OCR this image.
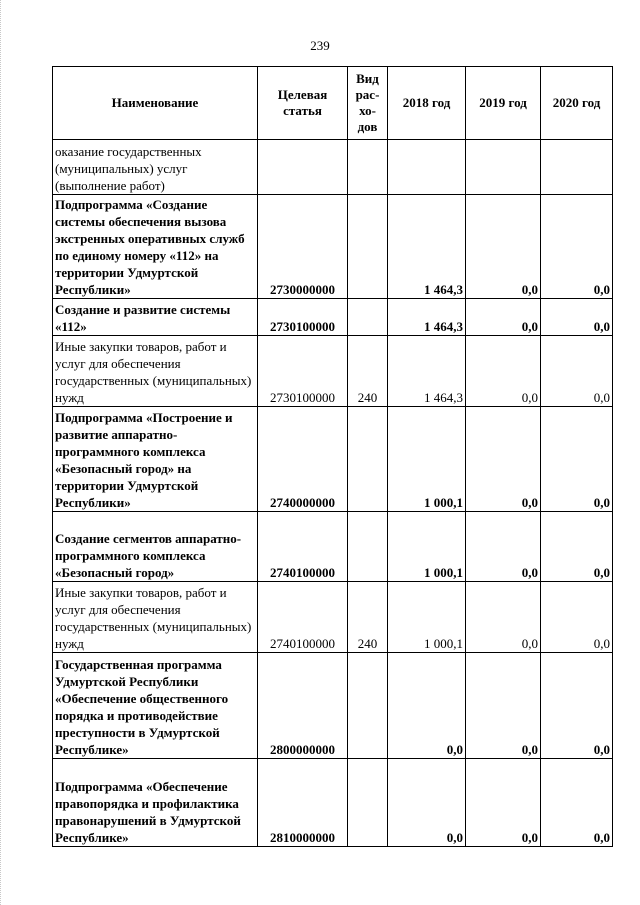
239
Наименование	Целевая статья	Вид рас- хо- дов	2018 год	2019 год	2020 год
оказание государственных (муниципальных) услуг (выполнение работ)					
Подпрограмма «Создание системы обеспечения вызова экстренных оперативных служб по единому номеру «112» на территории Удмуртской Республики»	2730000000		1 464,3	0,0	0,0
Создание и развитие системы «112»	2730100000		1 464,3	0,0	0,0
Иные закупки товаров, работ и услуг для обеспечения государственных (муниципальных) нужд	2730100000	240	1 464,3	0,0	0,0
Подпрограмма «Построение и развитие аппаратно-программного комплекса «Безопасный город» на территории Удмуртской Республики»	2740000000		1 000,1	0,0	0,0
Создание сегментов аппаратно-программного комплекса «Безопасный город»	2740100000		1 000,1	0,0	0,0
Иные закупки товаров, работ и услуг для обеспечения государственных (муниципальных) нужд	2740100000	240	1 000,1	0,0	0,0
Государственная программа Удмуртской Республики «Обеспечение общественного порядка и противодействие преступности в Удмуртской Республике»	2800000000		0,0	0,0	0,0
Подпрограмма «Обеспечение правопорядка и профилактика правонарушений в Удмуртской Республике»	2810000000		0,0	0,0	0,0
